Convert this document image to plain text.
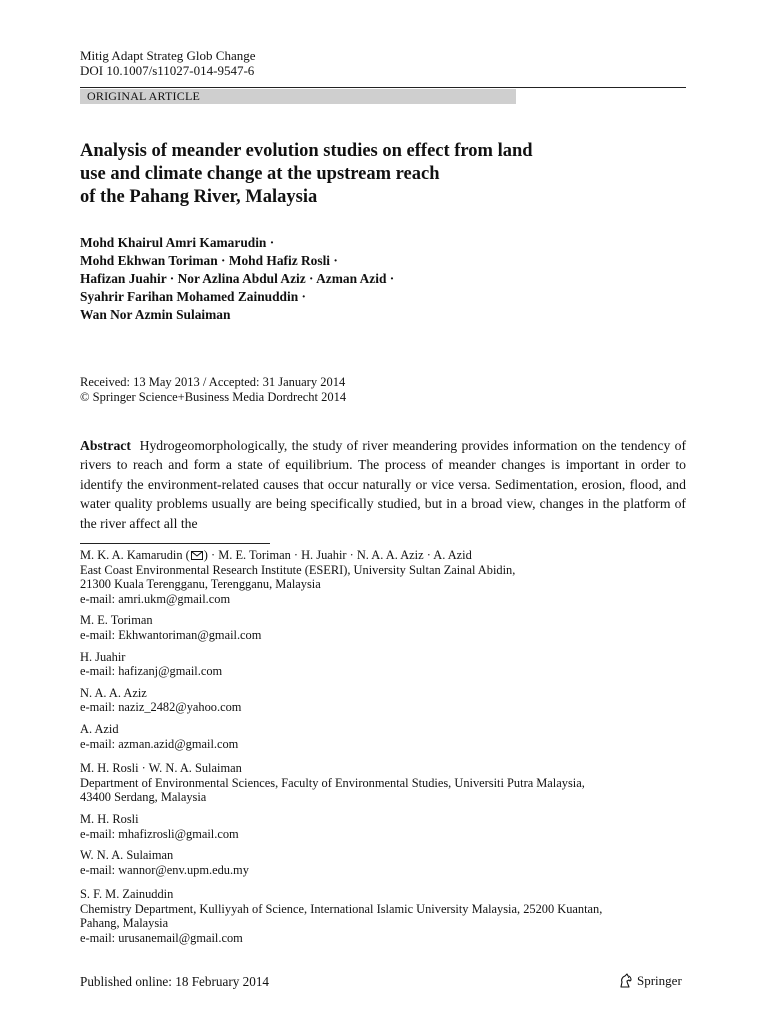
Mitig Adapt Strateg Glob Change
DOI 10.1007/s11027-014-9547-6
ORIGINAL ARTICLE
Analysis of meander evolution studies on effect from land
use and climate change at the upstream reach
of the Pahang River, Malaysia
Mohd Khairul Amri Kamarudin ·
Mohd Ekhwan Toriman · Mohd Hafiz Rosli ·
Hafizan Juahir · Nor Azlina Abdul Aziz · Azman Azid ·
Syahrir Farihan Mohamed Zainuddin ·
Wan Nor Azmin Sulaiman
Received: 13 May 2013 / Accepted: 31 January 2014
© Springer Science+Business Media Dordrecht 2014
Abstract Hydrogeomorphologically, the study of river meandering provides information on the tendency of rivers to reach and form a state of equilibrium. The process of meander changes is important in order to identify the environment-related causes that occur naturally or vice versa. Sedimentation, erosion, flood, and water quality problems usually are being specifically studied, but in a broad view, changes in the platform of the river affect all the
M. K. A. Kamarudin ( ) · M. E. Toriman · H. Juahir · N. A. A. Aziz · A. Azid
East Coast Environmental Research Institute (ESERI), University Sultan Zainal Abidin,
21300 Kuala Terengganu, Terengganu, Malaysia
e-mail: amri.ukm@gmail.com
M. E. Toriman
e-mail: Ekhwantoriman@gmail.com
H. Juahir
e-mail: hafizanj@gmail.com
N. A. A. Aziz
e-mail: naziz_2482@yahoo.com
A. Azid
e-mail: azman.azid@gmail.com
M. H. Rosli · W. N. A. Sulaiman
Department of Environmental Sciences, Faculty of Environmental Studies, Universiti Putra Malaysia,
43400 Serdang, Malaysia
M. H. Rosli
e-mail: mhafizrosli@gmail.com
W. N. A. Sulaiman
e-mail: wannor@env.upm.edu.my
S. F. M. Zainuddin
Chemistry Department, Kulliyyah of Science, International Islamic University Malaysia, 25200 Kuantan,
Pahang, Malaysia
e-mail: urusanemail@gmail.com
Published online: 18 February 2014	Springer
